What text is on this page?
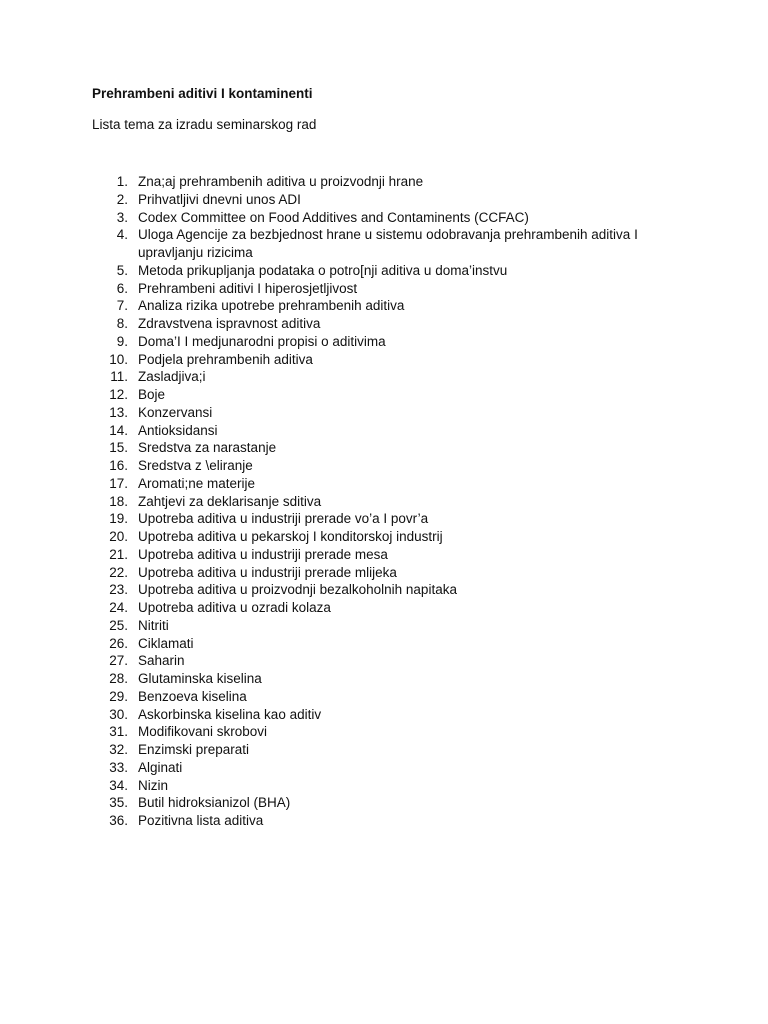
Prehrambeni aditivi I kontaminenti

Lista tema za izradu seminarskog rad

1. Zna;aj prehrambenih aditiva u proizvodnji hrane
2. Prihvatljivi dnevni unos ADI
3. Codex Committee on Food Additives and Contaminents (CCFAC)
4. Uloga Agencije za bezbjednost hrane u sistemu odobravanja prehrambenih aditiva I upravljanju rizicima
5. Metoda prikupljanja podataka o potro[nji aditiva u doma’instvu
6. Prehrambeni aditivi I hiperosjetljivost
7. Analiza rizika upotrebe prehrambenih aditiva
8. Zdravstvena ispravnost aditiva
9. Doma’I I medjunarodni propisi o aditivima
10. Podjela prehrambenih aditiva
11. Zasladjiva;i
12. Boje
13. Konzervansi
14. Antioksidansi
15. Sredstva za narastanje
16. Sredstva z \eliranje
17. Aromati;ne materije
18. Zahtjevi za deklarisanje sditiva
19. Upotreba aditiva u industriji prerade vo’a I povr’a
20. Upotreba aditiva u pekarskoj I konditorskoj industrij
21. Upotreba aditiva u industriji prerade mesa
22. Upotreba aditiva u industriji prerade mlijeka
23. Upotreba aditiva u proizvodnji bezalkoholnih napitaka
24. Upotreba aditiva u ozradi kolaza
25. Nitriti
26. Ciklamati
27. Saharin
28. Glutaminska kiselina
29. Benzoeva kiselina
30. Askorbinska kiselina kao aditiv
31. Modifikovani skrobovi
32. Enzimski preparati
33. Alginati
34. Nizin
35. Butil hidroksianizol (BHA)
36. Pozitivna lista aditiva
